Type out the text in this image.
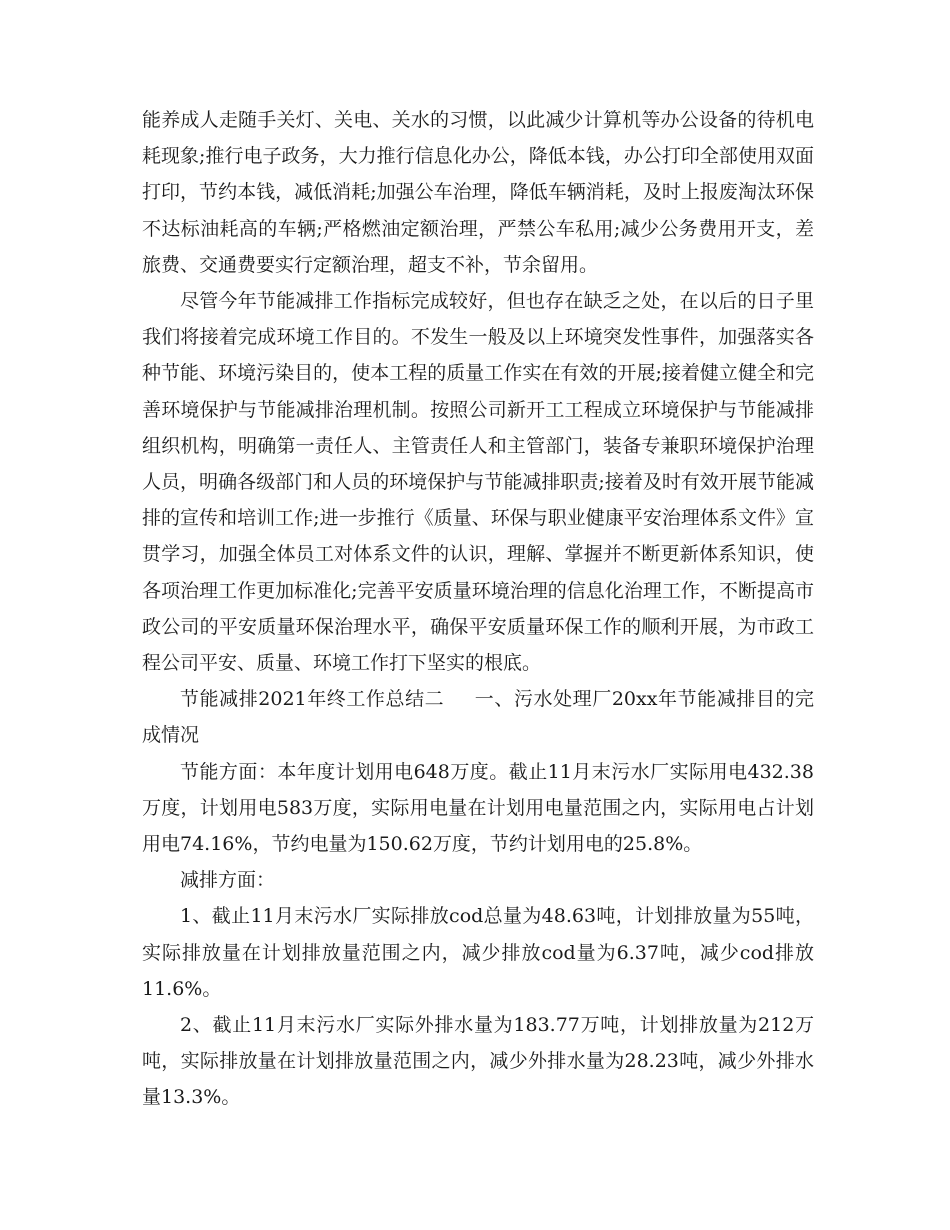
能养成人走随手关灯、关电、关水的习惯，以此减少计算机等办公设备的待机电耗现象;推行电子政务，大力推行信息化办公，降低本钱，办公打印全部使用双面打印，节约本钱，减低消耗;加强公车治理，降低车辆消耗，及时上报废淘汰环保不达标油耗高的车辆;严格燃油定额治理，严禁公车私用;减少公务费用开支，差旅费、交通费要实行定额治理，超支不补，节余留用。

尽管今年节能减排工作指标完成较好，但也存在缺乏之处，在以后的日子里我们将接着完成环境工作目的。不发生一般及以上环境突发性事件，加强落实各种节能、环境污染目的，使本工程的质量工作实在有效的开展;接着健立健全和完善环境保护与节能减排治理机制。按照公司新开工工程成立环境保护与节能减排组织机构，明确第一责任人、主管责任人和主管部门，装备专兼职环境保护治理人员，明确各级部门和人员的环境保护与节能减排职责;接着及时有效开展节能减排的宣传和培训工作;进一步推行《质量、环保与职业健康平安治理体系文件》宣贯学习，加强全体员工对体系文件的认识，理解、掌握并不断更新体系知识，使各项治理工作更加标准化;完善平安质量环境治理的信息化治理工作，不断提高市政公司的平安质量环保治理水平，确保平安质量环保工作的顺利开展，为市政工程公司平安、质量、环境工作打下坚实的根底。

节能减排2021年终工作总结二 一、污水处理厂20xx年节能减排目的完成情况

节能方面：本年度计划用电648万度。截止11月末污水厂实际用电432.38万度，计划用电583万度，实际用电量在计划用电量范围之内，实际用电占计划用电74.16%，节约电量为150.62万度，节约计划用电的25.8%。

减排方面：

1、截止11月末污水厂实际排放cod总量为48.63吨，计划排放量为55吨，实际排放量在计划排放量范围之内，减少排放cod量为6.37吨，减少cod排放11.6%。

2、截止11月末污水厂实际外排水量为183.77万吨，计划排放量为212万吨，实际排放量在计划排放量范围之内，减少外排水量为28.23吨，减少外排水量13.3%。
